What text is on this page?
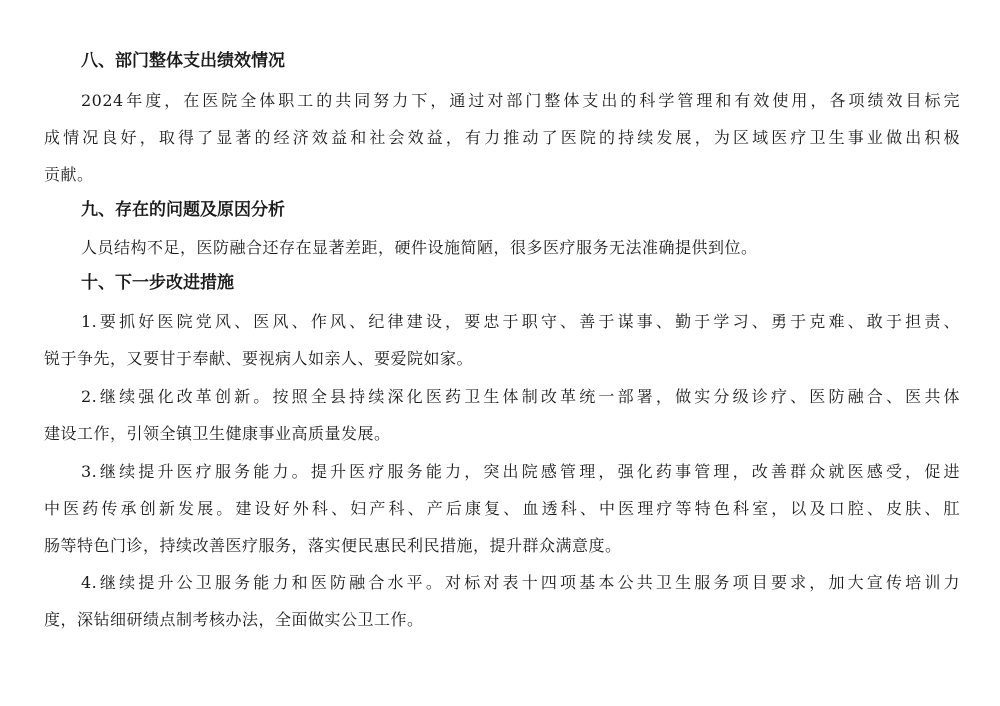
八、部门整体支出绩效情况
2024年度，在医院全体职工的共同努力下，通过对部门整体支出的科学管理和有效使用，各项绩效目标完
成情况良好，取得了显著的经济效益和社会效益，有力推动了医院的持续发展，为区域医疗卫生事业做出积极
贡献。
九、存在的问题及原因分析
人员结构不足，医防融合还存在显著差距，硬件设施简陋，很多医疗服务无法准确提供到位。
十、下一步改进措施
1.要抓好医院党风、医风、作风、纪律建设，要忠于职守、善于谋事、勤于学习、勇于克难、敢于担责、
锐于争先，又要甘于奉献、要视病人如亲人、要爱院如家。
2.继续强化改革创新。按照全县持续深化医药卫生体制改革统一部署，做实分级诊疗、医防融合、医共体
建设工作，引领全镇卫生健康事业高质量发展。
3.继续提升医疗服务能力。提升医疗服务能力，突出院感管理，强化药事管理，改善群众就医感受，促进
中医药传承创新发展。建设好外科、妇产科、产后康复、血透科、中医理疗等特色科室，以及口腔、皮肤、肛
肠等特色门诊，持续改善医疗服务，落实便民惠民利民措施，提升群众满意度。
4.继续提升公卫服务能力和医防融合水平。对标对表十四项基本公共卫生服务项目要求，加大宣传培训力
度，深钻细研绩点制考核办法，全面做实公卫工作。
